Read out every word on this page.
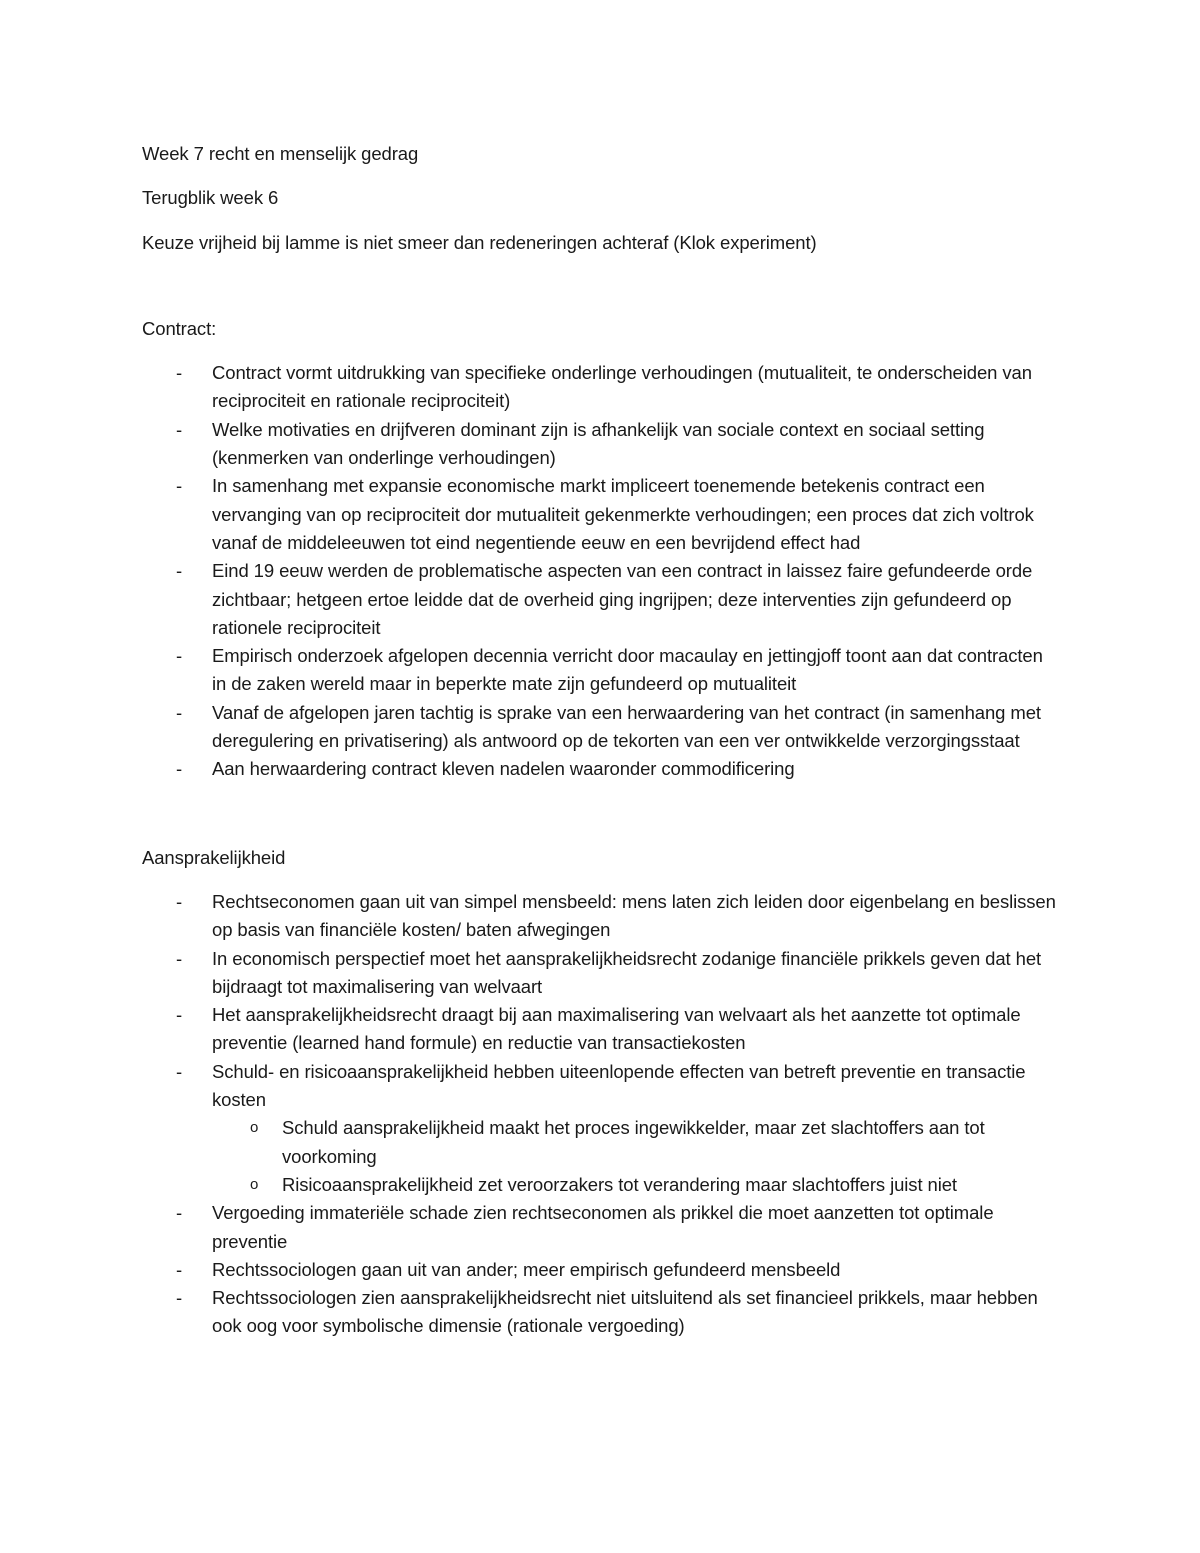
Week 7 recht en menselijk gedrag

Terugblik week 6

Keuze vrijheid bij lamme is niet smeer dan redeneringen achteraf (Klok experiment)

Contract:

- Contract vormt uitdrukking van specifieke onderlinge verhoudingen (mutualiteit, te onderscheiden van reciprociteit en rationale reciprociteit)
- Welke motivaties en drijfveren dominant zijn is afhankelijk van sociale context en sociaal setting (kenmerken van onderlinge verhoudingen)
- In samenhang met expansie economische markt impliceert toenemende betekenis contract een vervanging van op reciprociteit dor mutualiteit gekenmerkte verhoudingen; een proces dat zich voltrok vanaf de middeleeuwen tot eind negentiende eeuw en een bevrijdend effect had
- Eind 19 eeuw werden de problematische aspecten van een contract in laissez faire gefundeerde orde zichtbaar; hetgeen ertoe leidde dat de overheid ging ingrijpen; deze interventies zijn gefundeerd op rationele reciprociteit
- Empirisch onderzoek afgelopen decennia verricht door macaulay en jettingjoff toont aan dat contracten in de zaken wereld maar in beperkte mate zijn gefundeerd op mutualiteit
- Vanaf de afgelopen jaren tachtig is sprake van een herwaardering van het contract (in samenhang met deregulering en privatisering) als antwoord op de tekorten van een ver ontwikkelde verzorgingsstaat
- Aan herwaardering contract kleven nadelen waaronder commodificering

Aansprakelijkheid

- Rechtseconomen gaan uit van simpel mensbeeld: mens laten zich leiden door eigenbelang en beslissen op basis van financiële kosten/ baten afwegingen
- In economisch perspectief moet het aansprakelijkheidsrecht zodanige financiële prikkels geven dat het bijdraagt tot maximalisering van welvaart
- Het aansprakelijkheidsrecht draagt bij aan maximalisering van welvaart als het aanzette tot optimale preventie (learned hand formule) en reductie van transactiekosten
- Schuld- en risicoaansprakelijkheid hebben uiteenlopende effecten van betreft preventie en transactie kosten
o Schuld aansprakelijkheid maakt het proces ingewikkelder, maar zet slachtoffers aan tot voorkoming
o Risicoaansprakelijkheid zet veroorzakers tot verandering maar slachtoffers juist niet
- Vergoeding immateriële schade zien rechtseconomen als prikkel die moet aanzetten tot optimale preventie
- Rechtssociologen gaan uit van ander; meer empirisch gefundeerd mensbeeld
- Rechtssociologen zien aansprakelijkheidsrecht niet uitsluitend als set financieel prikkels, maar hebben ook oog voor symbolische dimensie (rationale vergoeding)
